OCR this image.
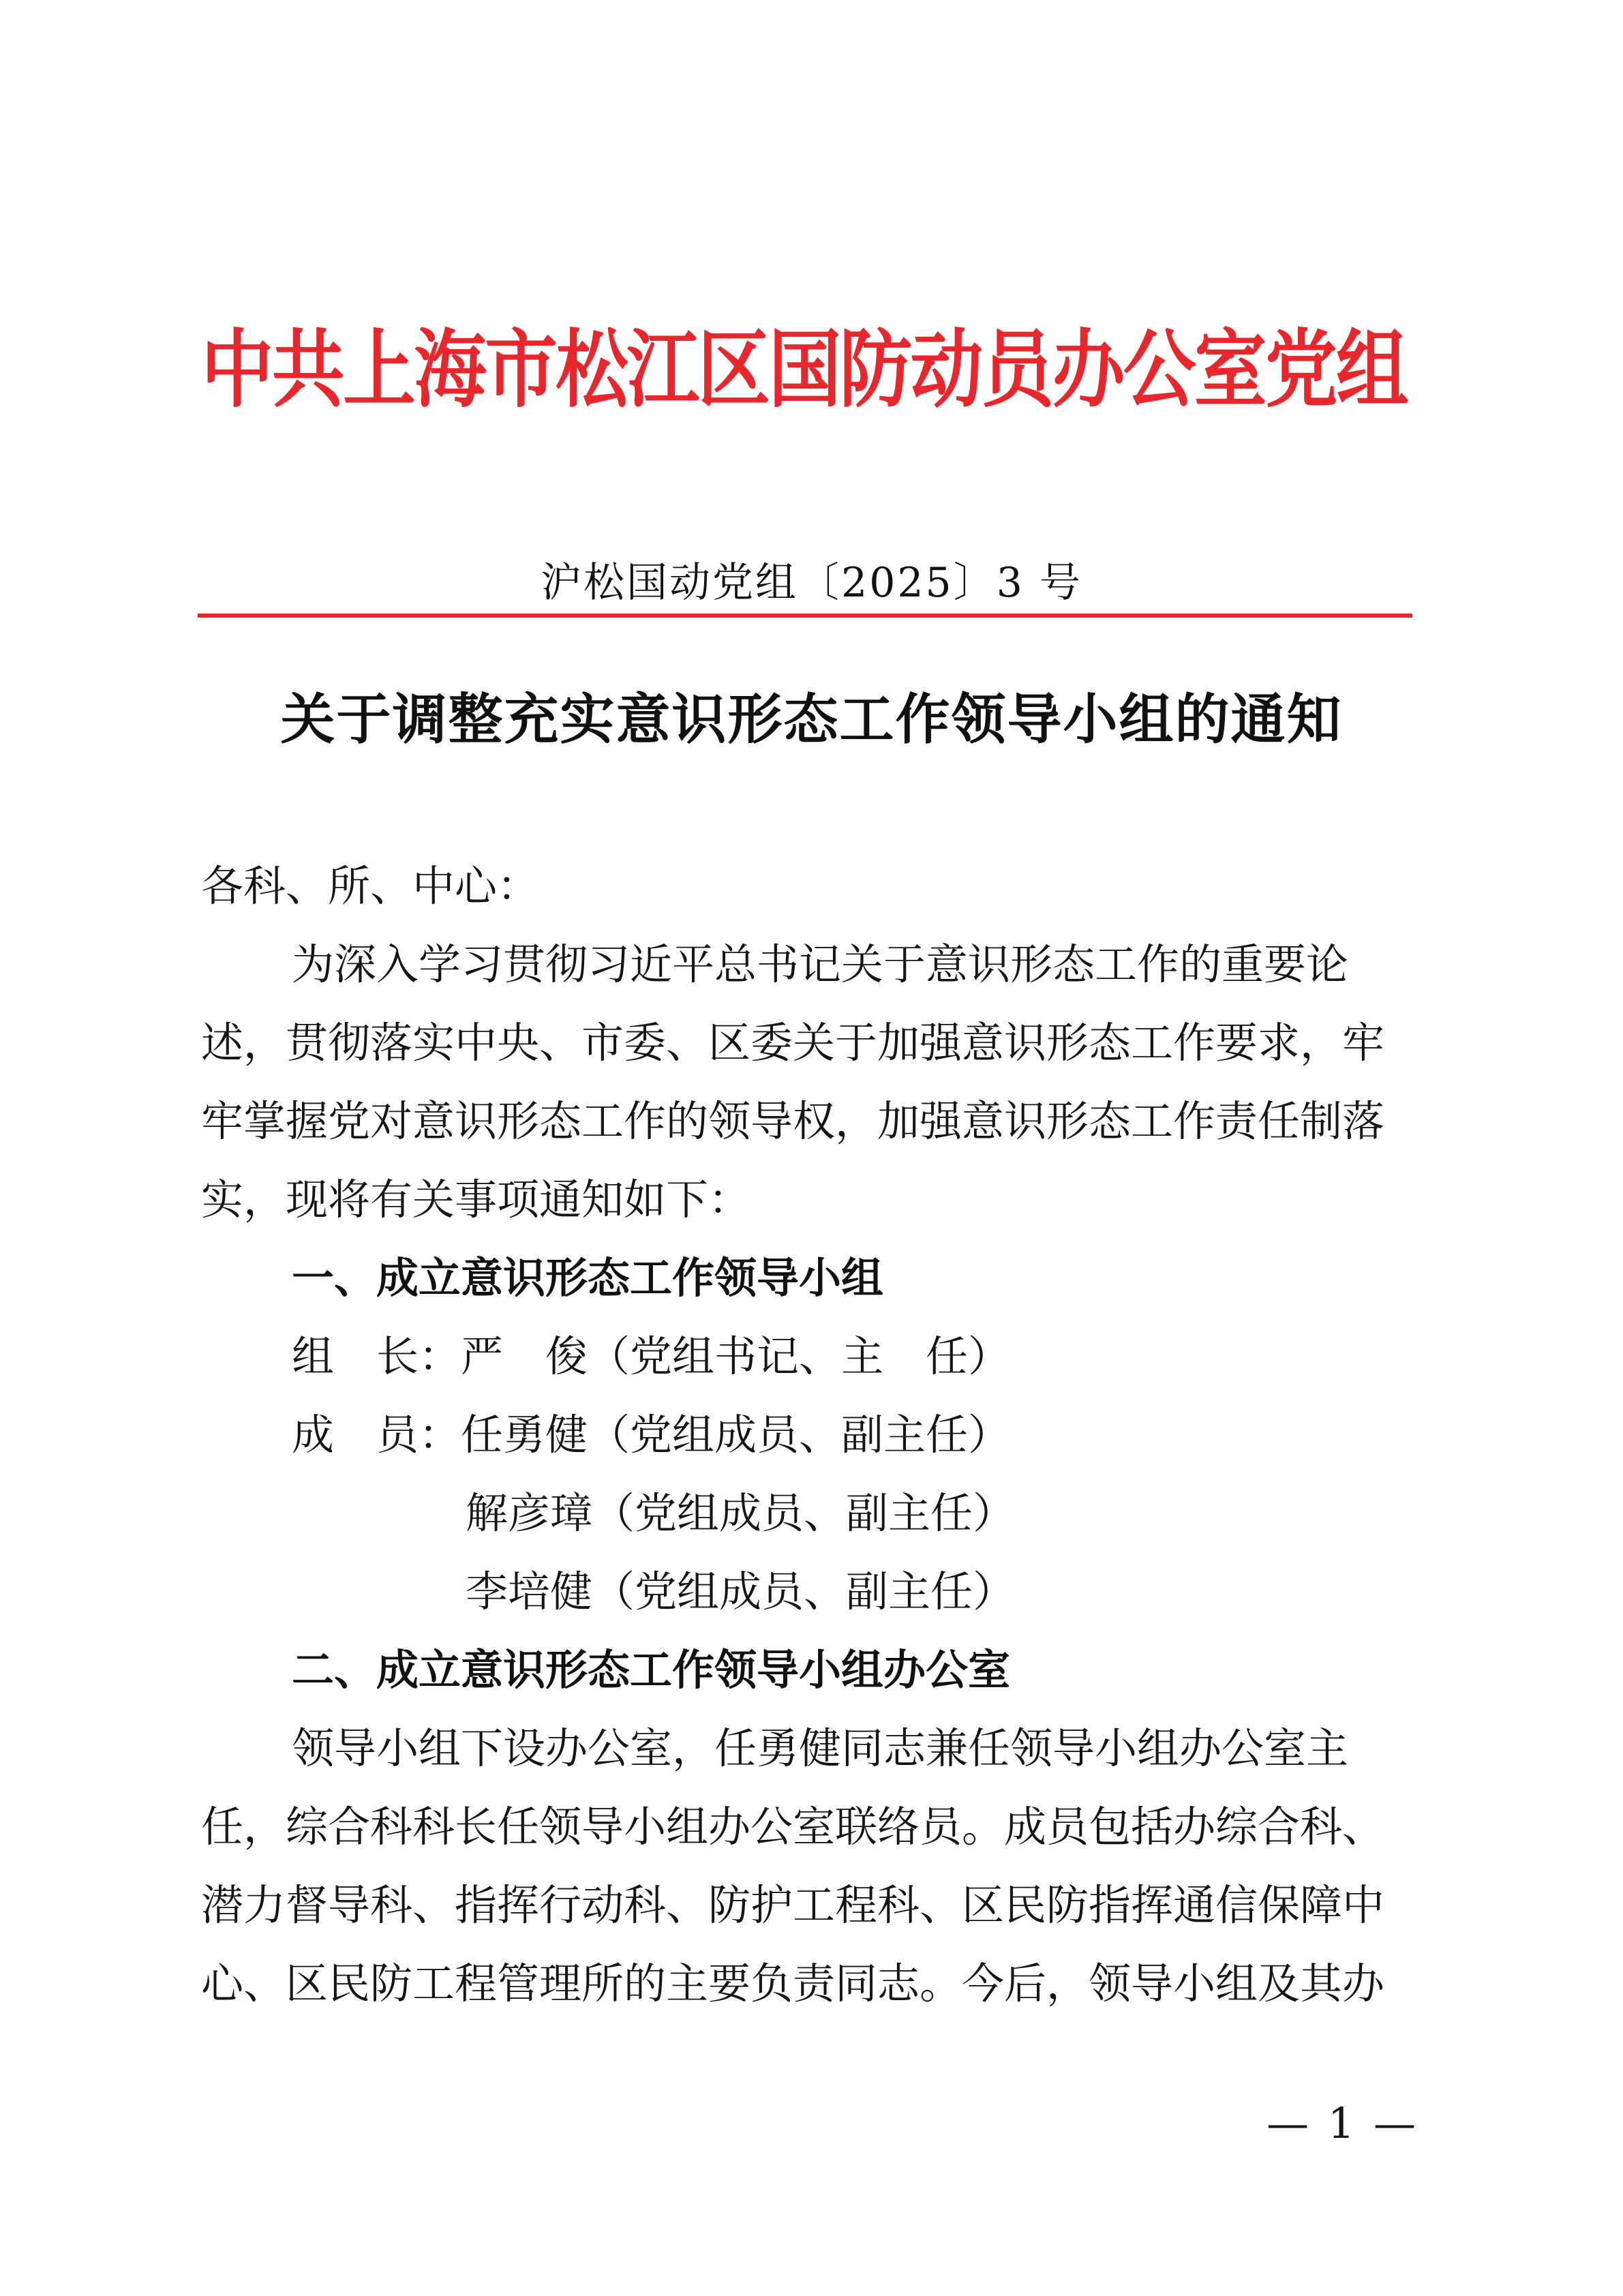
中共上海市松江区国防动员办公室党组
沪松国动党组〔2025〕3 号
关于调整充实意识形态工作领导小组的通知
各科、所、中心：
为深入学习贯彻习近平总书记关于意识形态工作的重要论
述，贯彻落实中央、市委、区委关于加强意识形态工作要求，牢
牢掌握党对意识形态工作的领导权，加强意识形态工作责任制落
实，现将有关事项通知如下：
一、成立意识形态工作领导小组
组　长：严　俊（党组书记、主　任）
成　员：任勇健（党组成员、副主任）
解彦璋（党组成员、副主任）
李培健（党组成员、副主任）
二、成立意识形态工作领导小组办公室
领导小组下设办公室，任勇健同志兼任领导小组办公室主
任，综合科科长任领导小组办公室联络员。成员包括办综合科、
潜力督导科、指挥行动科、防护工程科、区民防指挥通信保障中
心、区民防工程管理所的主要负责同志。今后，领导小组及其办
— 1 —
